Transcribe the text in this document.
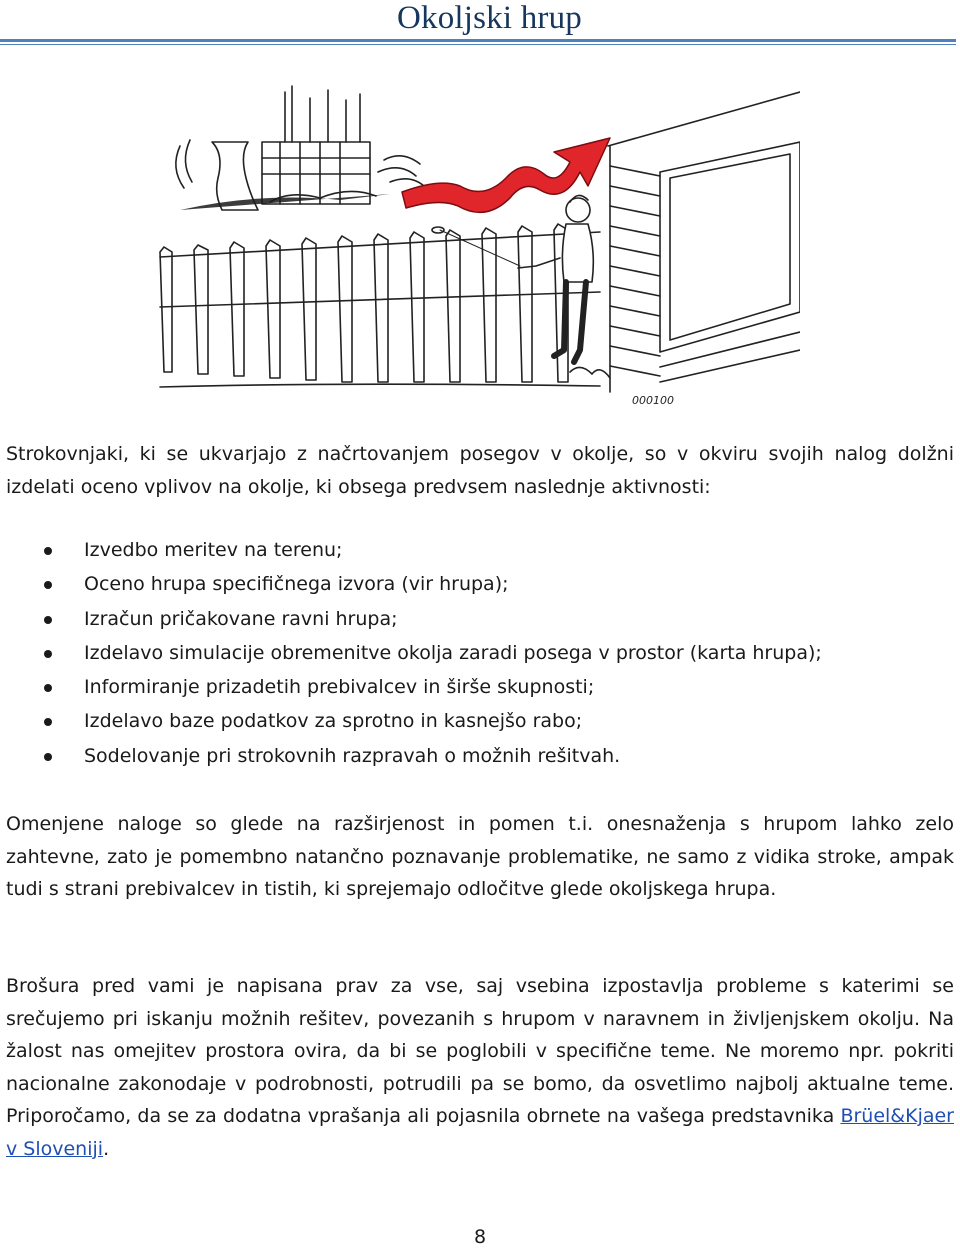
Okoljski hrup
000100
Strokovnjaki, ki se ukvarjajo z načrtovanjem posegov v okolje, so v okviru svojih nalog dolžni izdelati oceno vplivov na okolje, ki obsega predvsem naslednje aktivnosti:
Izvedbo meritev na terenu;
Oceno hrupa specifičnega izvora (vir hrupa);
Izračun pričakovane ravni hrupa;
Izdelavo simulacije obremenitve okolja zaradi posega v prostor (karta hrupa);
Informiranje prizadetih prebivalcev in širše skupnosti;
Izdelavo baze podatkov za sprotno in kasnejšo rabo;
Sodelovanje pri strokovnih razpravah o možnih rešitvah.
Omenjene naloge so glede na razširjenost in pomen t.i. onesnaženja s hrupom lahko zelo zahtevne, zato je pomembno natančno poznavanje problematike, ne samo z vidika stroke, ampak tudi s strani prebivalcev in tistih, ki sprejemajo odločitve glede okoljskega hrupa.
Brošura pred vami je napisana prav za vse, saj vsebina izpostavlja probleme s katerimi se srečujemo pri iskanju možnih rešitev, povezanih s hrupom v naravnem in življenjskem okolju. Na žalost nas omejitev prostora ovira, da bi se poglobili v specifične teme. Ne moremo npr. pokriti nacionalne zakonodaje v podrobnosti, potrudili pa se bomo, da osvetlimo najbolj aktualne teme. Priporočamo, da se za dodatna vprašanja ali pojasnila obrnete na vašega predstavnika Brüel&Kjaer v Sloveniji.
8
